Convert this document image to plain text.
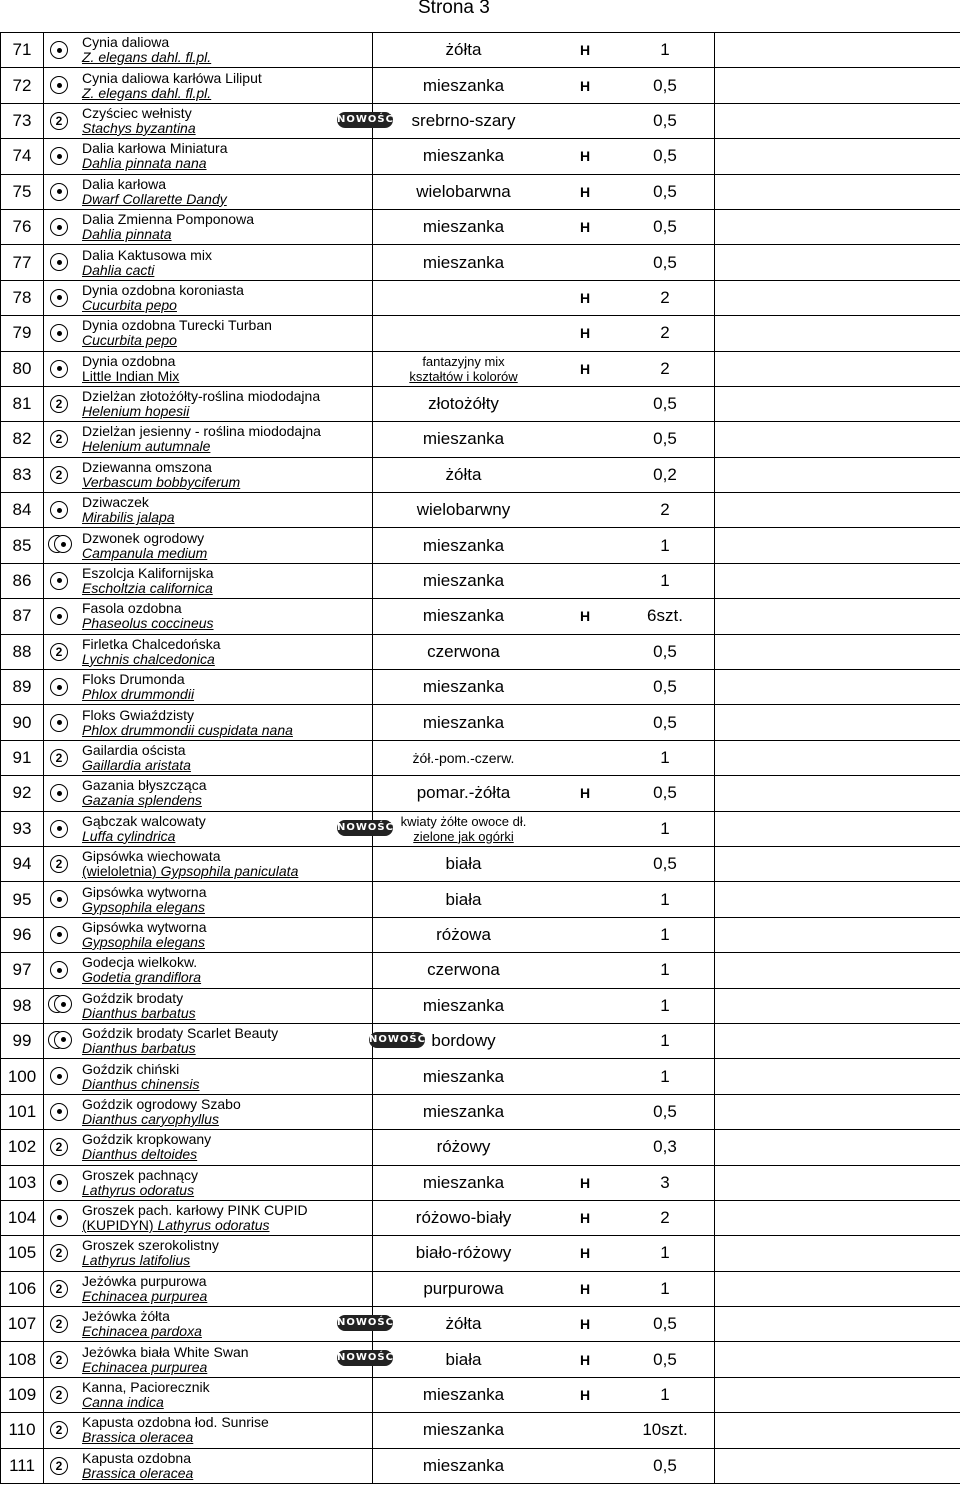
Strona 3
71		Cynia daliowa
Z. elegans dahl. fl.pl.	żółta	H	1	
72		Cynia daliowa karłówa Liliput
Z. elegans dahl. fl.pl.	mieszanka	H	0,5	
73	2	Czyściec wełnisty
Stachys byzantina	NOWOŚĆ srebrno-szary		0,5	
74		Dalia karłowa Miniatura
Dahlia pinnata nana	mieszanka	H	0,5	
75		Dalia karłowa
Dwarf Collarette Dandy	wielobarwna	H	0,5	
76		Dalia Zmienna Pomponowa
Dahlia pinnata	mieszanka	H	0,5	
77		Dalia Kaktusowa mix
Dahlia cacti	mieszanka		0,5	
78		Dynia ozdobna koroniasta
Cucurbita pepo		H	2	
79		Dynia ozdobna Turecki Turban
Cucurbita pepo		H	2	
80		Dynia ozdobna
Little Indian Mix	fantazyjny mix
kształtów i kolorów	H	2	
81	2	Dzielżan złotożółty-roślina miododajna
Helenium hopesii	złotożółty		0,5	
82	2	Dzielżan jesienny - roślina miododajna
Helenium autumnale	mieszanka		0,5	
83	2	Dziewanna omszona
Verbascum bobbyciferum	żółta		0,2	
84		Dziwaczek
Mirabilis jalapa	wielobarwny		2	
85		Dzwonek ogrodowy
Campanula medium	mieszanka		1	
86		Eszolcja Kalifornijska
Escholtzia californica	mieszanka		1	
87		Fasola ozdobna
Phaseolus coccineus	mieszanka	H	6szt.	
88	2	Firletka Chalcedońska
Lychnis chalcedonica	czerwona		0,5	
89		Floks Drumonda
Phlox drummondii	mieszanka		0,5	
90		Floks Gwiaździsty
Phlox drummondii cuspidata nana	mieszanka		0,5	
91	2	Gailardia oścista
Gaillardia aristata	żół.-pom.-czerw.		1	
92		Gazania błyszcząca
Gazania splendens	pomar.-żółta	H	0,5	
93		Gąbczak walcowaty
Luffa cylindrica	NOWOŚĆ kwiaty żółte owoce dł.
zielone jak ogórki		1	
94	2	Gipsówka wiechowata
(wieloletnia) Gypsophila paniculata	biała		0,5	
95		Gipsówka wytworna
Gypsophila elegans	biała		1	
96		Gipsówka wytworna
Gypsophila elegans	różowa		1	
97		Godecja wielkokw.
Godetia grandiflora	czerwona		1	
98		Goździk brodaty
Dianthus barbatus	mieszanka		1	
99		Goździk brodaty Scarlet Beauty
Dianthus barbatus	NOWOŚĆ bordowy		1	
100		Goździk chiński
Dianthus chinensis	mieszanka		1	
101		Goździk ogrodowy Szabo
Dianthus caryophyllus	mieszanka		0,5	
102	2	Goździk kropkowany
Dianthus deltoides	różowy		0,3	
103		Groszek pachnący
Lathyrus odoratus	mieszanka	H	3	
104		Groszek pach. karłowy PINK CUPID
(KUPIDYN) Lathyrus odoratus	różowo-biały	H	2	
105	2	Groszek szerokolistny
Lathyrus latifolius	biało-różowy	H	1	
106	2	Jeżówka purpurowa
Echinacea purpurea	purpurowa	H	1	
107	2	Jeżówka żółta
Echinacea pardoxa	NOWOŚĆ żółta	H	0,5	
108	2	Jeżówka biała White Swan
Echinacea purpurea	NOWOŚĆ biała	H	0,5	
109	2	Kanna, Paciorecznik
Canna indica	mieszanka	H	1	
110	2	Kapusta ozdobna łod. Sunrise
Brassica oleracea	mieszanka		10szt.	
111	2	Kapusta ozdobna
Brassica oleracea	mieszanka		0,5	
